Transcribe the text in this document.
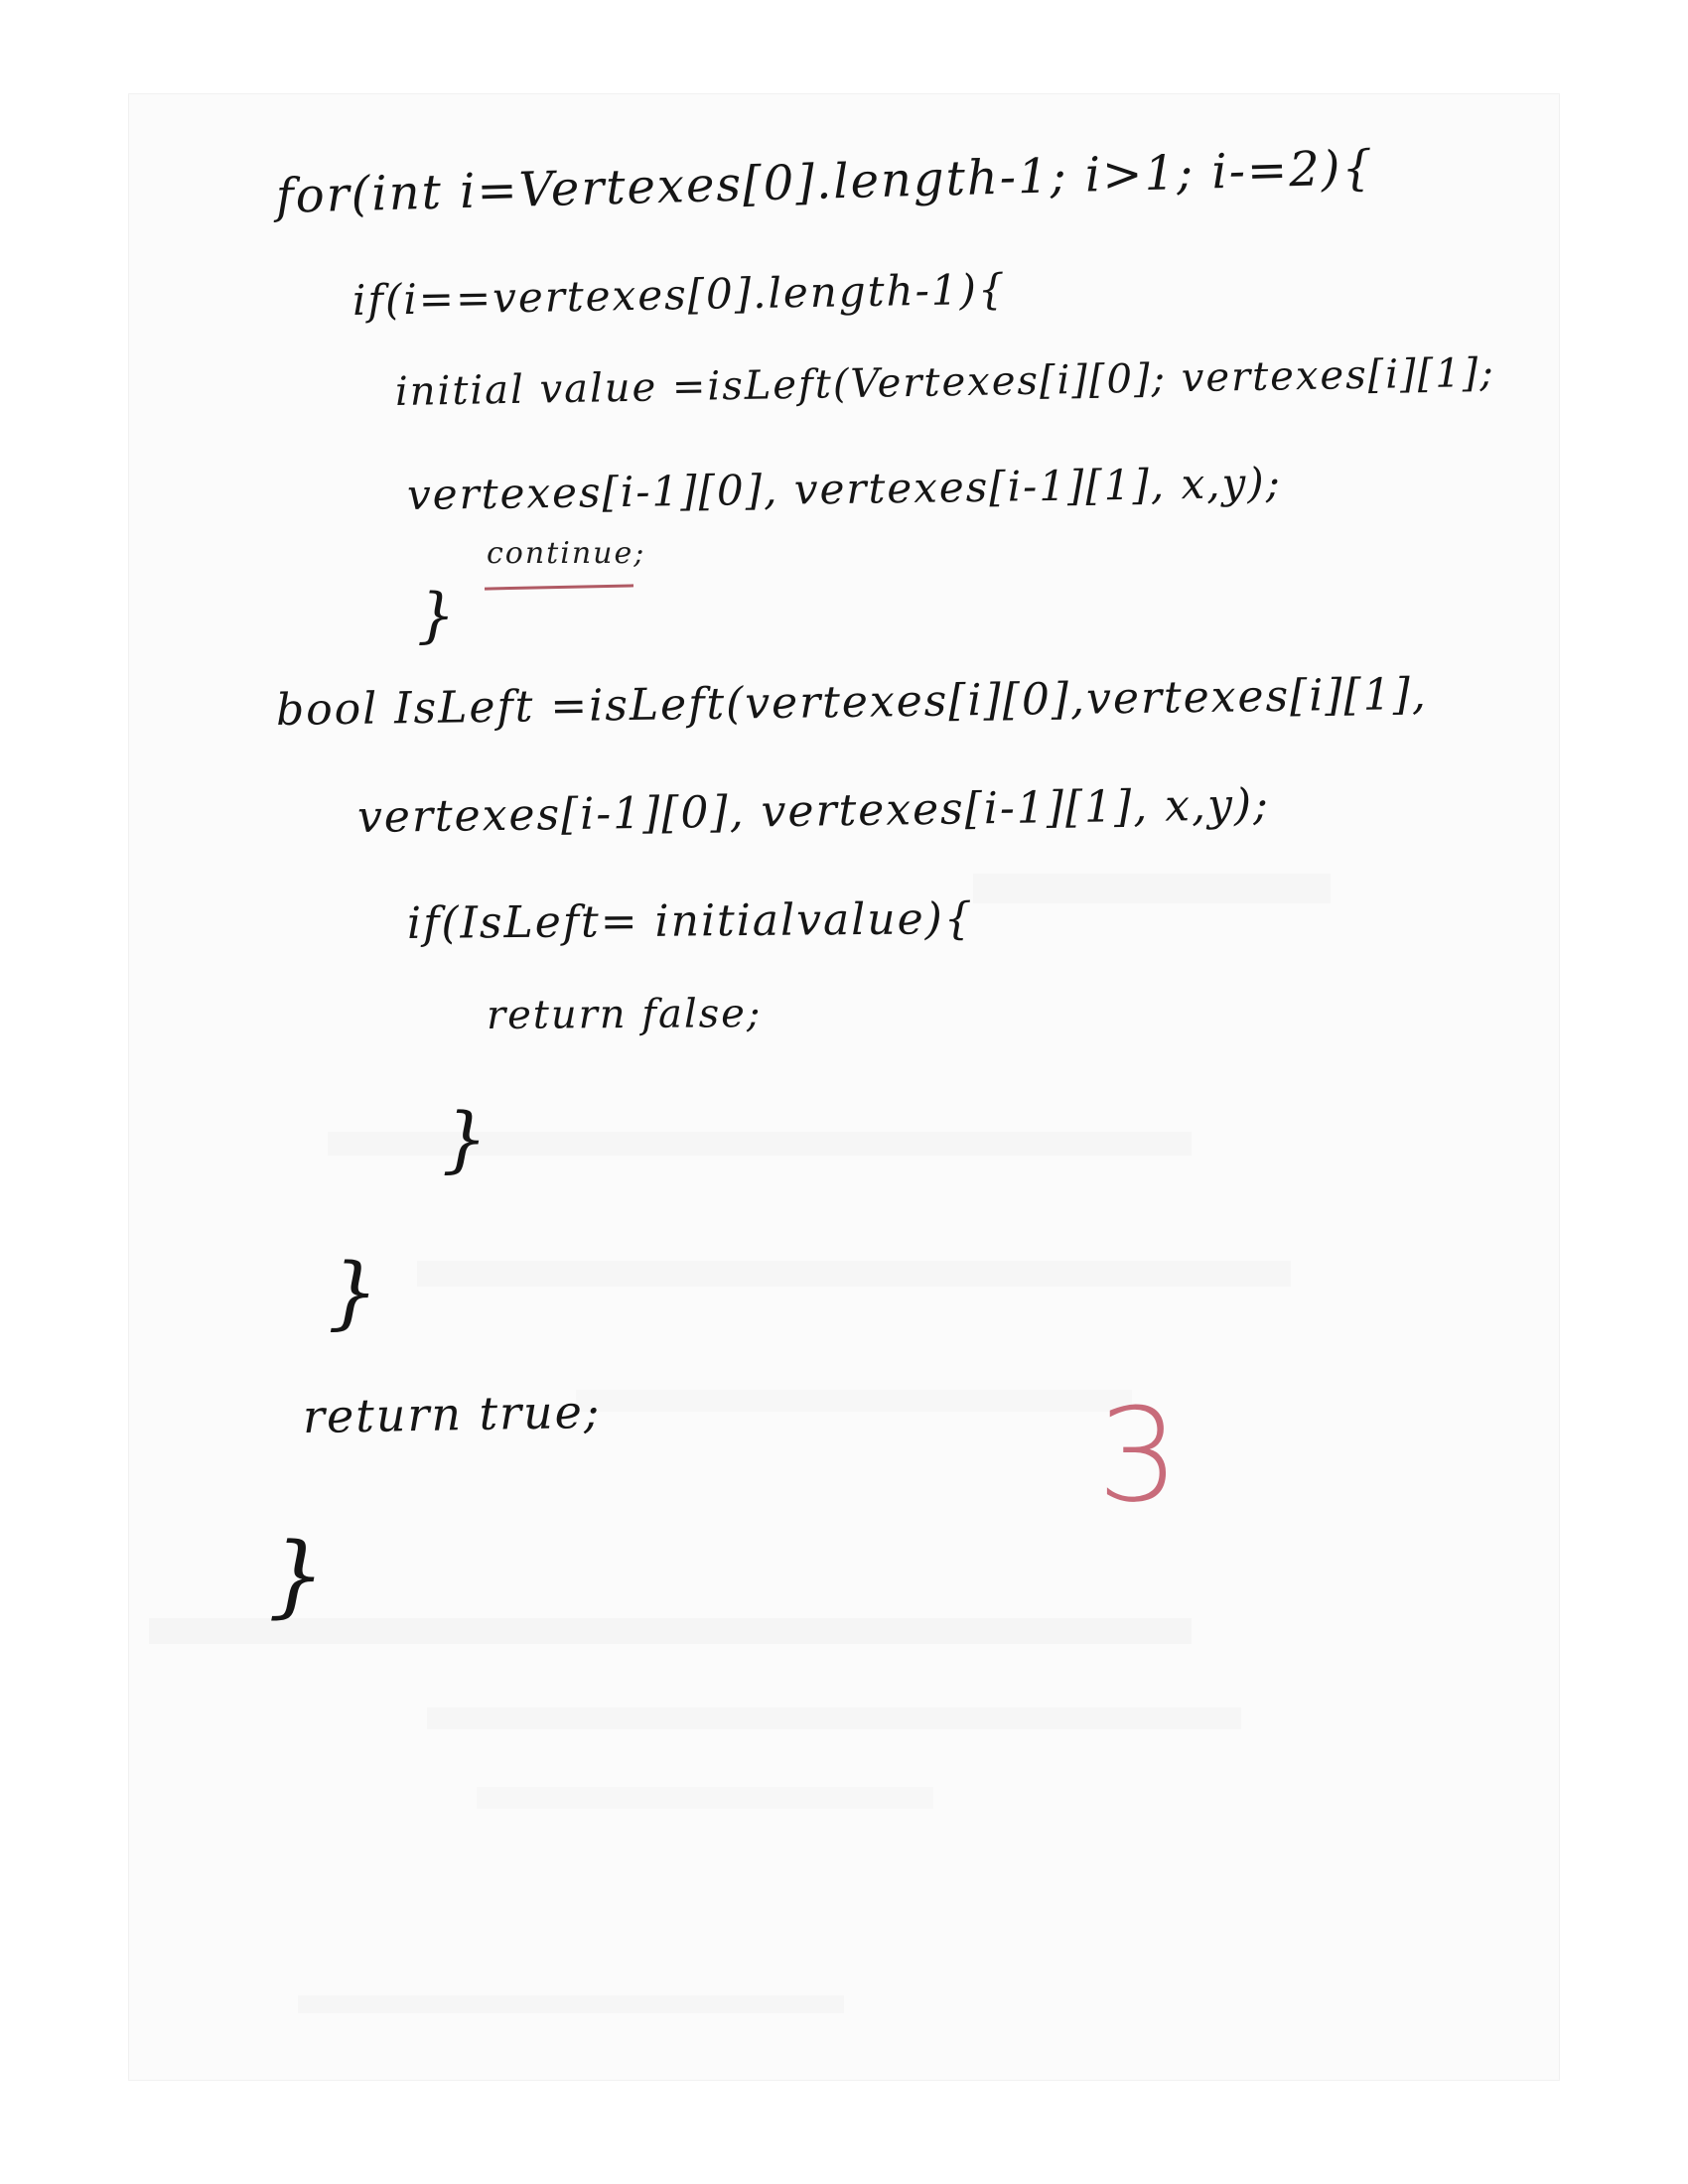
for(int i=Vertexes[0].length-1; i>1; i-=2){
if(i==vertexes[0].length-1){
initial value =isLeft(Vertexes[i][0]; vertexes[i][1];
vertexes[i-1][0], vertexes[i-1][1], x,y);
continue;
}
bool IsLeft =isLeft(vertexes[i][0],vertexes[i][1],
vertexes[i-1][0], vertexes[i-1][1], x,y);
if(IsLeft= initialvalue){
return false;
}
}
return true;
}
3
